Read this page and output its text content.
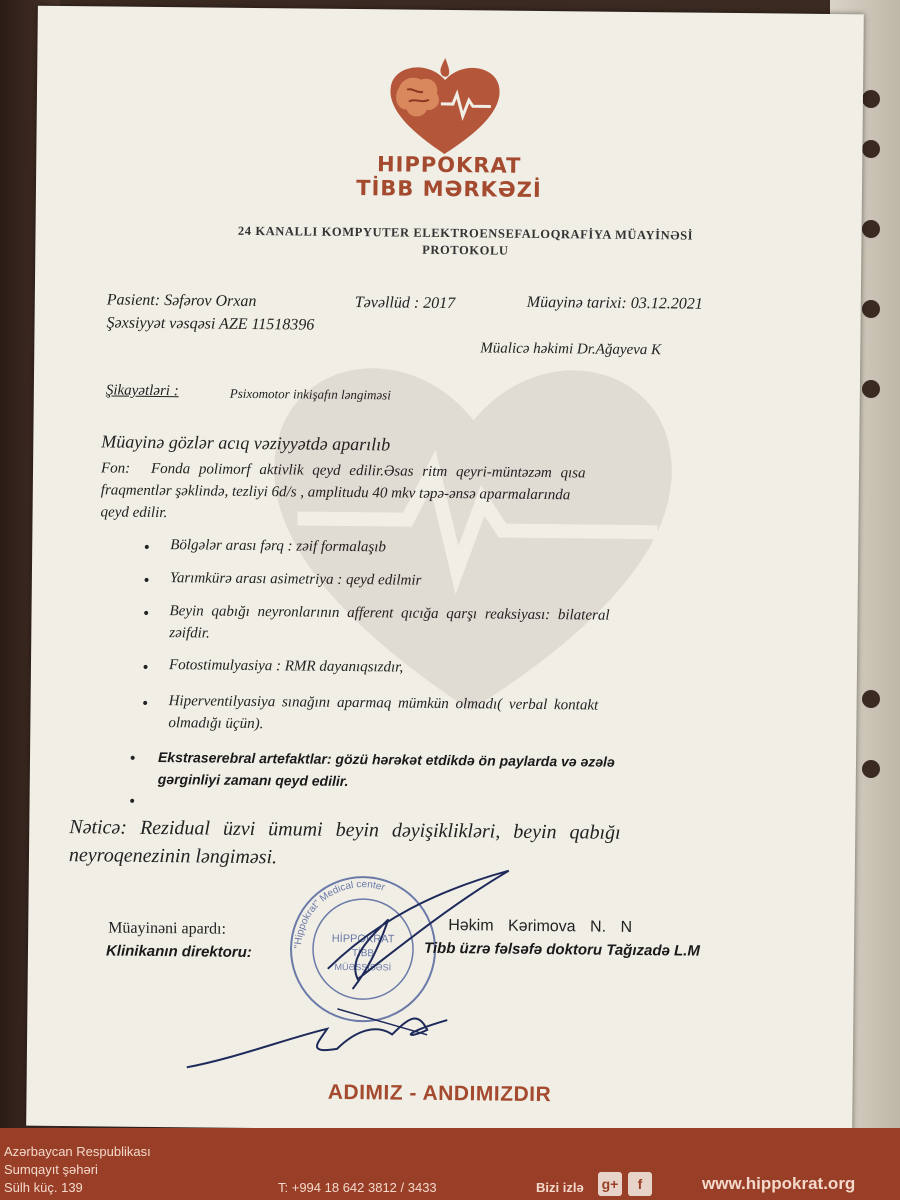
HIPPOKRAT
TİBB MƏRKƏZİ
24 KANALLI KOMPYUTER ELEKTROENSEFALOQRAFİYA MÜAYİNƏSİ
PROTOKOLU
Pasient: Səfərov Orxan	Təvəllüd : 2017	Müayinə tarixi: 03.12.2021
Şəxsiyyət vəsqəsi AZE 11518396
Müalicə həkimi Dr.Ağayeva K
Şikayətləri :	Psixomotor inkişafın ləngiməsi
Müayinə gözlər acıq vəziyyətdə aparılıb
Fon: Fonda polimorf aktivlik qeyd edilir.Əsas ritm qeyri-müntəzəm qısa
fraqmentlər şəklində, tezliyi 6d/s , amplitudu 40 mkv təpə-ənsə aparmalarında
qeyd edilir.
• Bölgələr arası fərq : zəif formalaşıb
• Yarımkürə arası asimetriya : qeyd edilmir
• Beyin qabığı neyronlarının afferent qıcığa qarşı reaksiyası: bilateral
zəifdir.
• Fotostimulyasiya : RMR dayanıqsızdır,
• Hiperventilyasiya sınağını aparmaq mümkün olmadı( verbal kontakt
olmadığı üçün).
• Ekstraserebral artefaktlar: gözü hərəkət etdikdə ön paylarda və əzələ
gərginliyi zamanı qeyd edilir.
•
Nəticə: Rezidual üzvi ümumi beyin dəyişiklikləri, beyin qabığı
neyroqenezinin ləngiməsi.
"Hippokrat" Medical center
HİPPOKRAT
TİBB
MÜƏSSİSƏSİ
Müayinəni apardı:	Həkim Kərimova N. N
Klinikanın direktoru:	Tibb üzrə fəlsəfə doktoru Tağızadə L.M
ADIMIZ - ANDIMIZDIR
Azərbaycan Respublikası
Sumqayıt şəhəri
Sülh küç. 139	T: +994 18 642 3812 / 3433	Bizi izlə	www.hippokrat.org
g+	f
